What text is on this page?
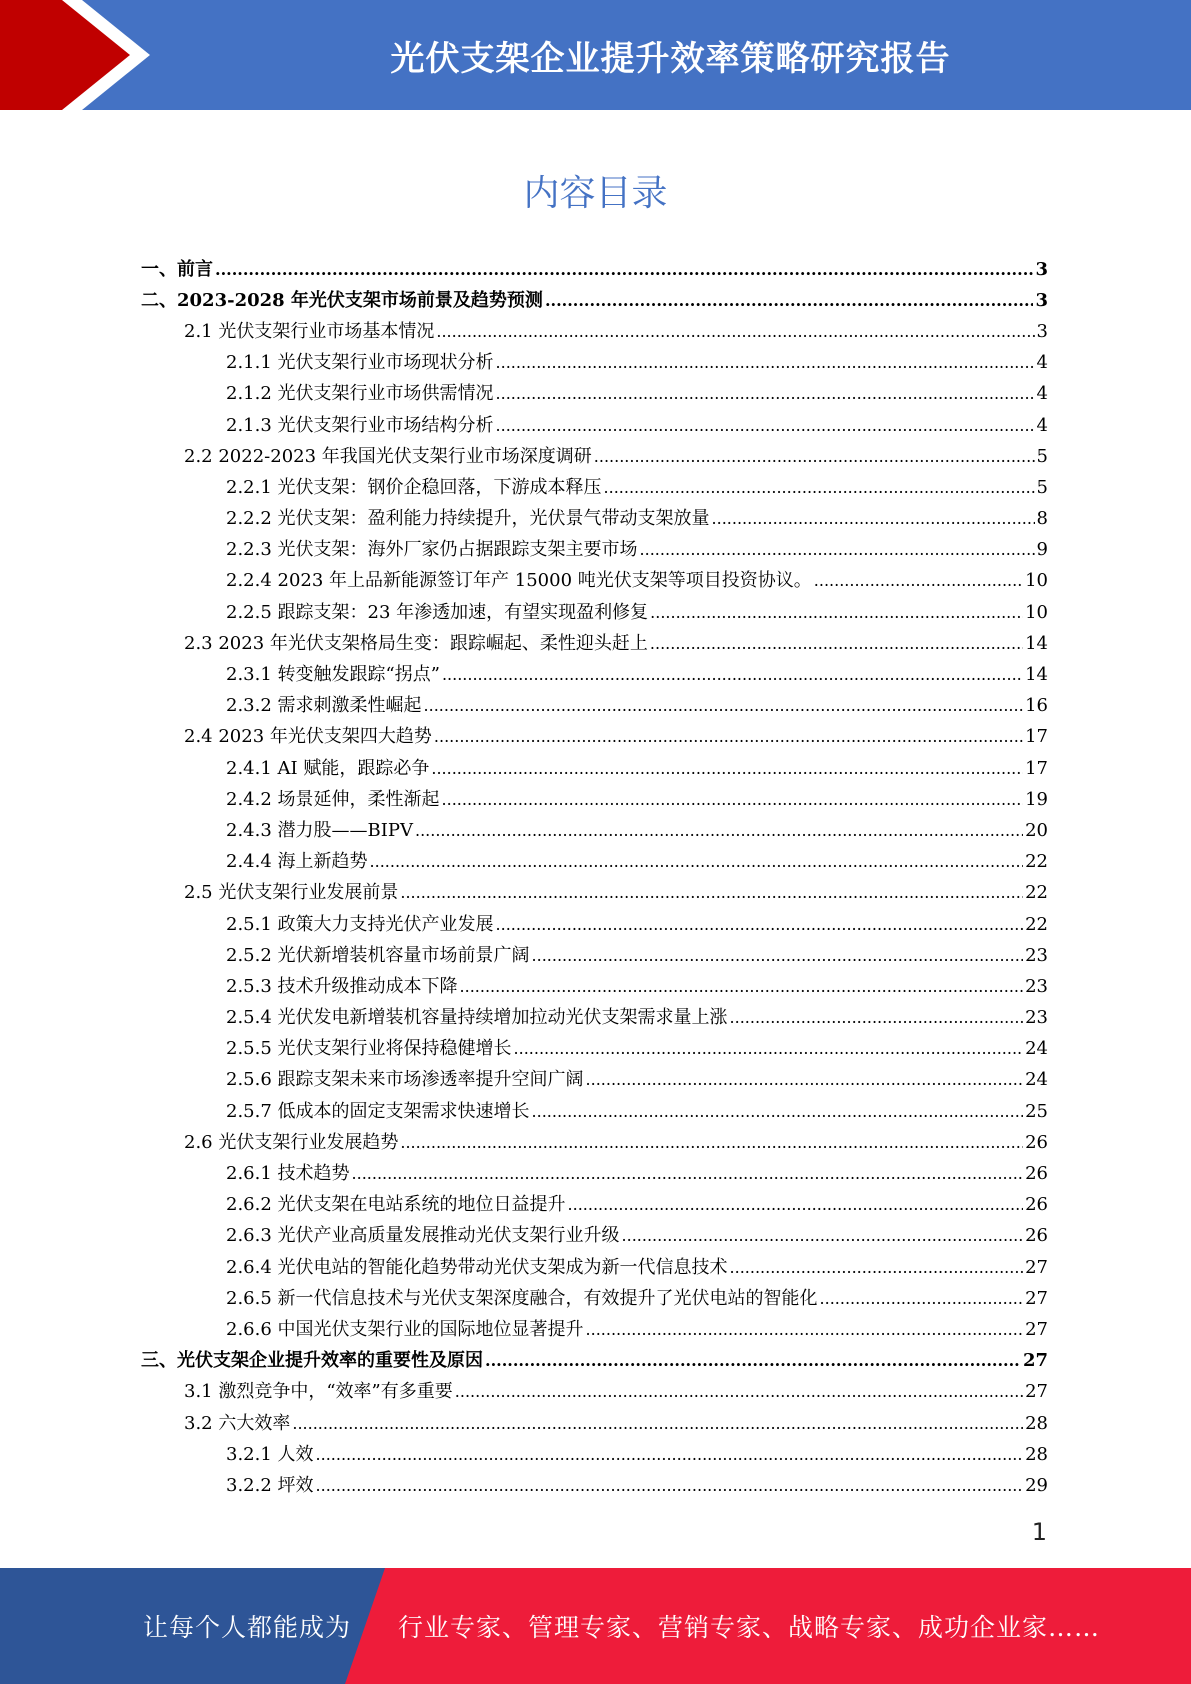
光伏支架企业提升效率策略研究报告
内容目录
一、前言 .....	3
二、2023-2028 年光伏支架市场前景及趋势预测 .....	3
2.1 光伏支架行业市场基本情况 .....	3
2.1.1 光伏支架行业市场现状分析 .....	4
2.1.2 光伏支架行业市场供需情况 .....	4
2.1.3 光伏支架行业市场结构分析 .....	4
2.2 2022-2023 年我国光伏支架行业市场深度调研 .....	5
2.2.1 光伏支架：钢价企稳回落，下游成本释压 .....	5
2.2.2 光伏支架：盈利能力持续提升，光伏景气带动支架放量 .....	8
2.2.3 光伏支架：海外厂家仍占据跟踪支架主要市场 .....	9
2.2.4 2023 年上品新能源签订年产 15000 吨光伏支架等项目投资协议。 .....	10
2.2.5 跟踪支架：23 年渗透加速，有望实现盈利修复 .....	10
2.3 2023 年光伏支架格局生变：跟踪崛起、柔性迎头赶上 .....	14
2.3.1 转变触发跟踪“拐点” .....	14
2.3.2 需求刺激柔性崛起 .....	16
2.4 2023 年光伏支架四大趋势 .....	17
2.4.1 AI 赋能，跟踪必争 .....	17
2.4.2 场景延伸，柔性渐起 .....	19
2.4.3 潜力股——BIPV .....	20
2.4.4 海上新趋势 .....	22
2.5 光伏支架行业发展前景 .....	22
2.5.1 政策大力支持光伏产业发展 .....	22
2.5.2 光伏新增装机容量市场前景广阔 .....	23
2.5.3 技术升级推动成本下降 .....	23
2.5.4 光伏发电新增装机容量持续增加拉动光伏支架需求量上涨 .....	23
2.5.5 光伏支架行业将保持稳健增长 .....	24
2.5.6 跟踪支架未来市场渗透率提升空间广阔 .....	24
2.5.7 低成本的固定支架需求快速增长 .....	25
2.6 光伏支架行业发展趋势 .....	26
2.6.1 技术趋势 .....	26
2.6.2 光伏支架在电站系统的地位日益提升 .....	26
2.6.3 光伏产业高质量发展推动光伏支架行业升级 .....	26
2.6.4 光伏电站的智能化趋势带动光伏支架成为新一代信息技术 .....	27
2.6.5 新一代信息技术与光伏支架深度融合，有效提升了光伏电站的智能化 .....	27
2.6.6 中国光伏支架行业的国际地位显著提升 .....	27
三、光伏支架企业提升效率的重要性及原因 .....	27
3.1 激烈竞争中，“效率”有多重要 .....	27
3.2 六大效率 .....	28
3.2.1 人效 .....	28
3.2.2 坪效 .....	29
1
让每个人都能成为 行业专家、管理专家、营销专家、战略专家、成功企业家……
